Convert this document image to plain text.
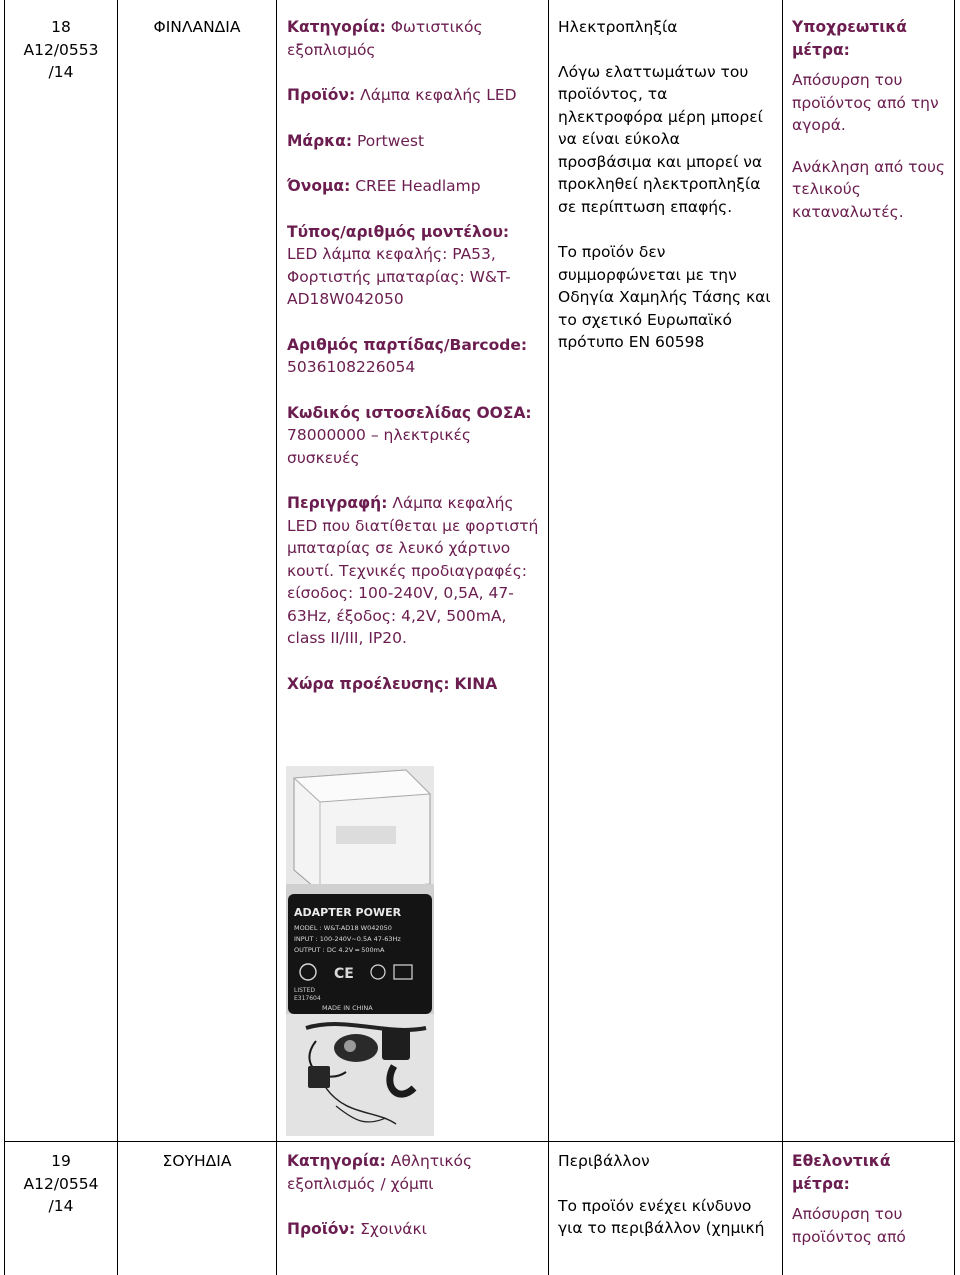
18
A12/0553
/14
ΦΙΝΛΑΝΔΙΑ	Κατηγορία: Φωτιστικός εξοπλισμός
Προϊόν: Λάμπα κεφαλής LED
Μάρκα: Portwest
Όνομα: CREE Headlamp
Τύπος/αριθμός μοντέλου: LED λάμπα κεφαλής: PA53, Φορτιστής μπαταρίας: W&T-AD18W042050
Αριθμός παρτίδας/Barcode: 5036108226054
Κωδικός ιστοσελίδας ΟΟΣΑ: 78000000 – ηλεκτρικές συσκευές
Περιγραφή: Λάμπα κεφαλής LED που διατίθεται με φορτιστή μπαταρίας σε λευκό χάρτινο κουτί. Τεχνικές προδιαγραφές: είσοδος: 100-240V, 0,5A, 47-63Hz, έξοδος: 4,2V, 500mA, class II/III, IP20.
Χώρα προέλευσης: ΚΙΝΑ
ADAPTER POWER
MODEL : W&T-AD18 W042050
INPUT : 100-240V~0.5A 47-63Hz
OUTPUT : DC 4.2V ═ 500mA
CE
LISTED
E317604
MADE IN CHINA
Ηλεκτροπληξία
Λόγω ελαττωμάτων του προϊόντος, τα ηλεκτροφόρα μέρη μπορεί να είναι εύκολα προσβάσιμα και μπορεί να προκληθεί ηλεκτροπληξία σε περίπτωση επαφής.
Το προϊόν δεν συμμορφώνεται με την Οδηγία Χαμηλής Τάσης και το σχετικό Ευρωπαϊκό πρότυπο EN 60598
Υποχρεωτικά μέτρα:
Απόσυρση του προϊόντος από την αγορά.
Ανάκληση από τους τελικούς καταναλωτές.
19
A12/0554
/14
ΣΟΥΗΔΙΑ	Κατηγορία: Αθλητικός εξοπλισμός / χόμπι
Προϊόν: Σχοινάκι
Περιβάλλον
Το προϊόν ενέχει κίνδυνο για το περιβάλλον (χημική
Εθελοντικά μέτρα:
Απόσυρση του προϊόντος από
